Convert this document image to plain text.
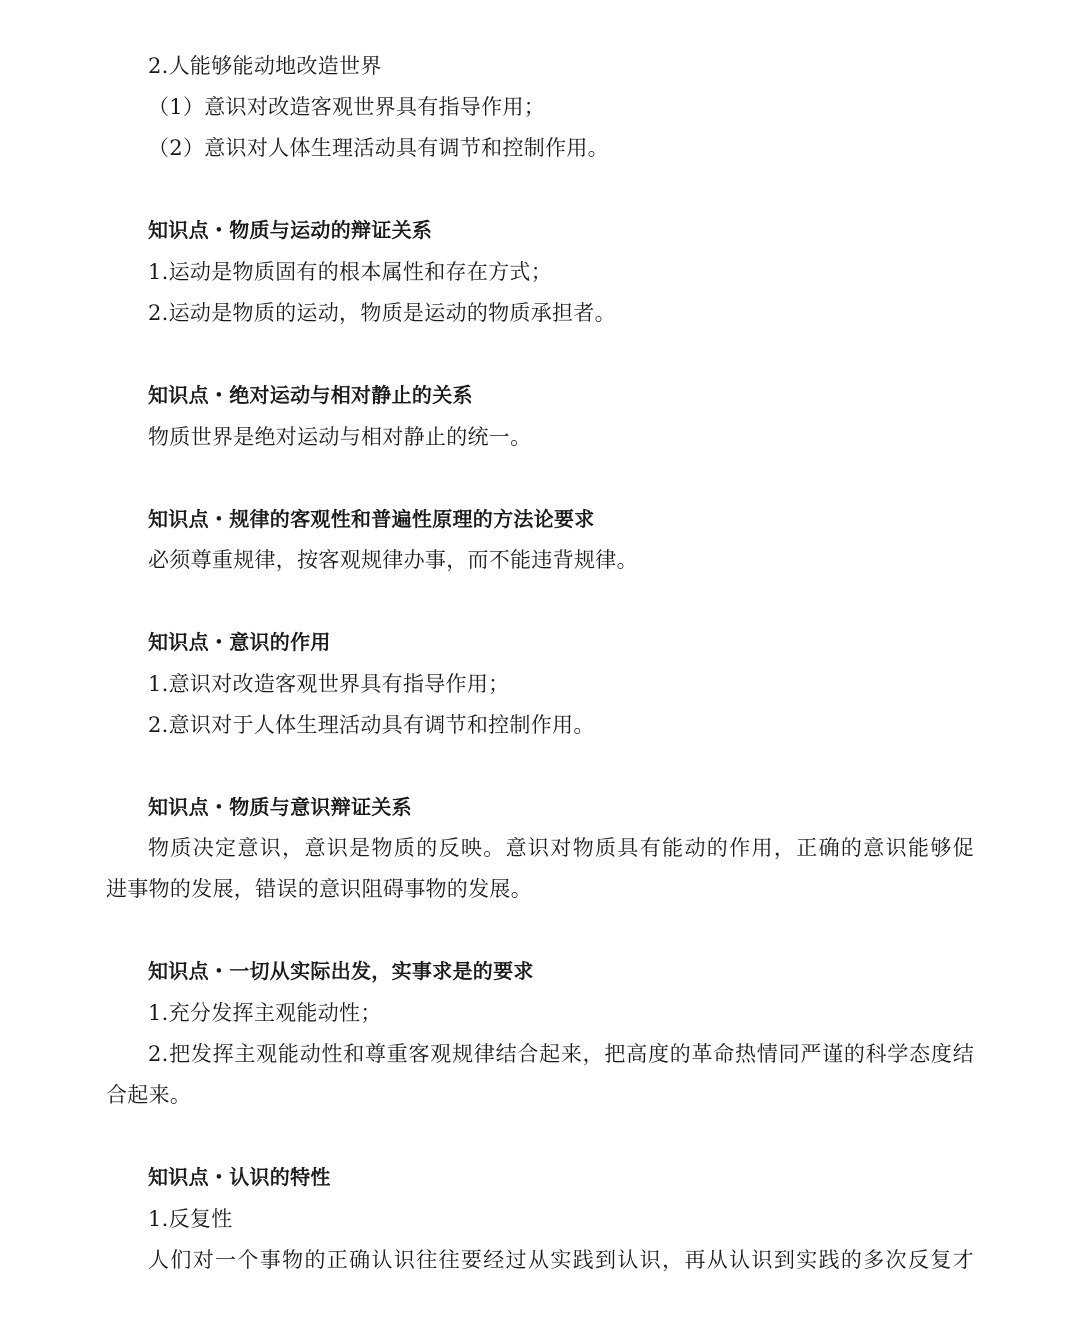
2.人能够能动地改造世界
（1）意识对改造客观世界具有指导作用；
（2）意识对人体生理活动具有调节和控制作用。
知识点・物质与运动的辩证关系
1.运动是物质固有的根本属性和存在方式；
2.运动是物质的运动，物质是运动的物质承担者。
知识点・绝对运动与相对静止的关系
物质世界是绝对运动与相对静止的统一。
知识点・规律的客观性和普遍性原理的方法论要求
必须尊重规律，按客观规律办事，而不能违背规律。
知识点・意识的作用
1.意识对改造客观世界具有指导作用；
2.意识对于人体生理活动具有调节和控制作用。
知识点・物质与意识辩证关系
物质决定意识，意识是物质的反映。意识对物质具有能动的作用，正确的意识能够促
进事物的发展，错误的意识阻碍事物的发展。
知识点・一切从实际出发，实事求是的要求
1.充分发挥主观能动性；
2.把发挥主观能动性和尊重客观规律结合起来，把高度的革命热情同严谨的科学态度结
合起来。
知识点・认识的特性
1.反复性
人们对一个事物的正确认识往往要经过从实践到认识，再从认识到实践的多次反复才
